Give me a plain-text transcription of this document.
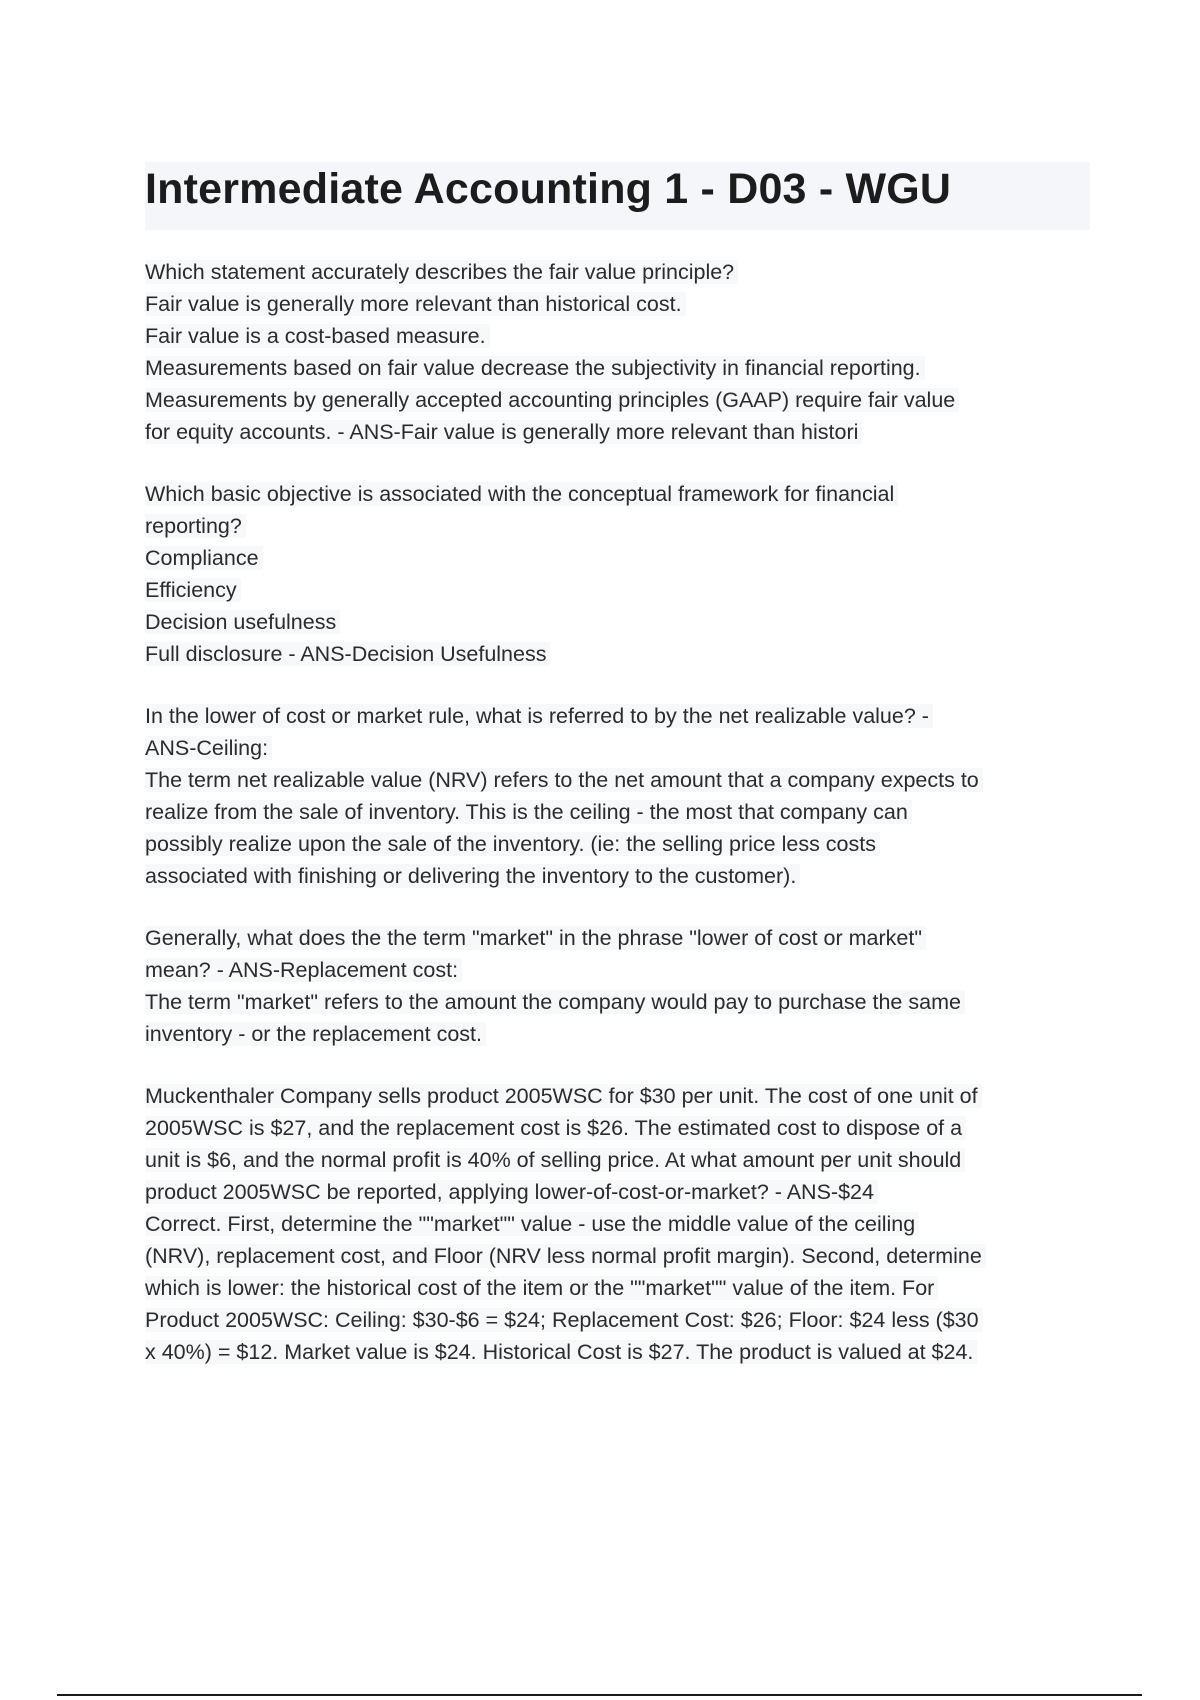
Intermediate Accounting 1 - D03 - WGU
Which statement accurately describes the fair value principle?
Fair value is generally more relevant than historical cost.
Fair value is a cost-based measure.
Measurements based on fair value decrease the subjectivity in financial reporting.
Measurements by generally accepted accounting principles (GAAP) require fair value
for equity accounts. - ANS-Fair value is generally more relevant than histori
Which basic objective is associated with the conceptual framework for financial
reporting?
Compliance
Efficiency
Decision usefulness
Full disclosure - ANS-Decision Usefulness
In the lower of cost or market rule, what is referred to by the net realizable value? -
ANS-Ceiling:
The term net realizable value (NRV) refers to the net amount that a company expects to
realize from the sale of inventory. This is the ceiling - the most that company can
possibly realize upon the sale of the inventory. (ie: the selling price less costs
associated with finishing or delivering the inventory to the customer).
Generally, what does the the term "market" in the phrase "lower of cost or market"
mean? - ANS-Replacement cost:
The term "market" refers to the amount the company would pay to purchase the same
inventory - or the replacement cost.
Muckenthaler Company sells product 2005WSC for $30 per unit. The cost of one unit of
2005WSC is $27, and the replacement cost is $26. The estimated cost to dispose of a
unit is $6, and the normal profit is 40% of selling price. At what amount per unit should
product 2005WSC be reported, applying lower-of-cost-or-market? - ANS-$24
Correct. First, determine the ""market"" value - use the middle value of the ceiling
(NRV), replacement cost, and Floor (NRV less normal profit margin). Second, determine
which is lower: the historical cost of the item or the ""market"" value of the item. For
Product 2005WSC: Ceiling: $30-$6 = $24; Replacement Cost: $26; Floor: $24 less ($30
x 40%) = $12. Market value is $24. Historical Cost is $27. The product is valued at $24.
